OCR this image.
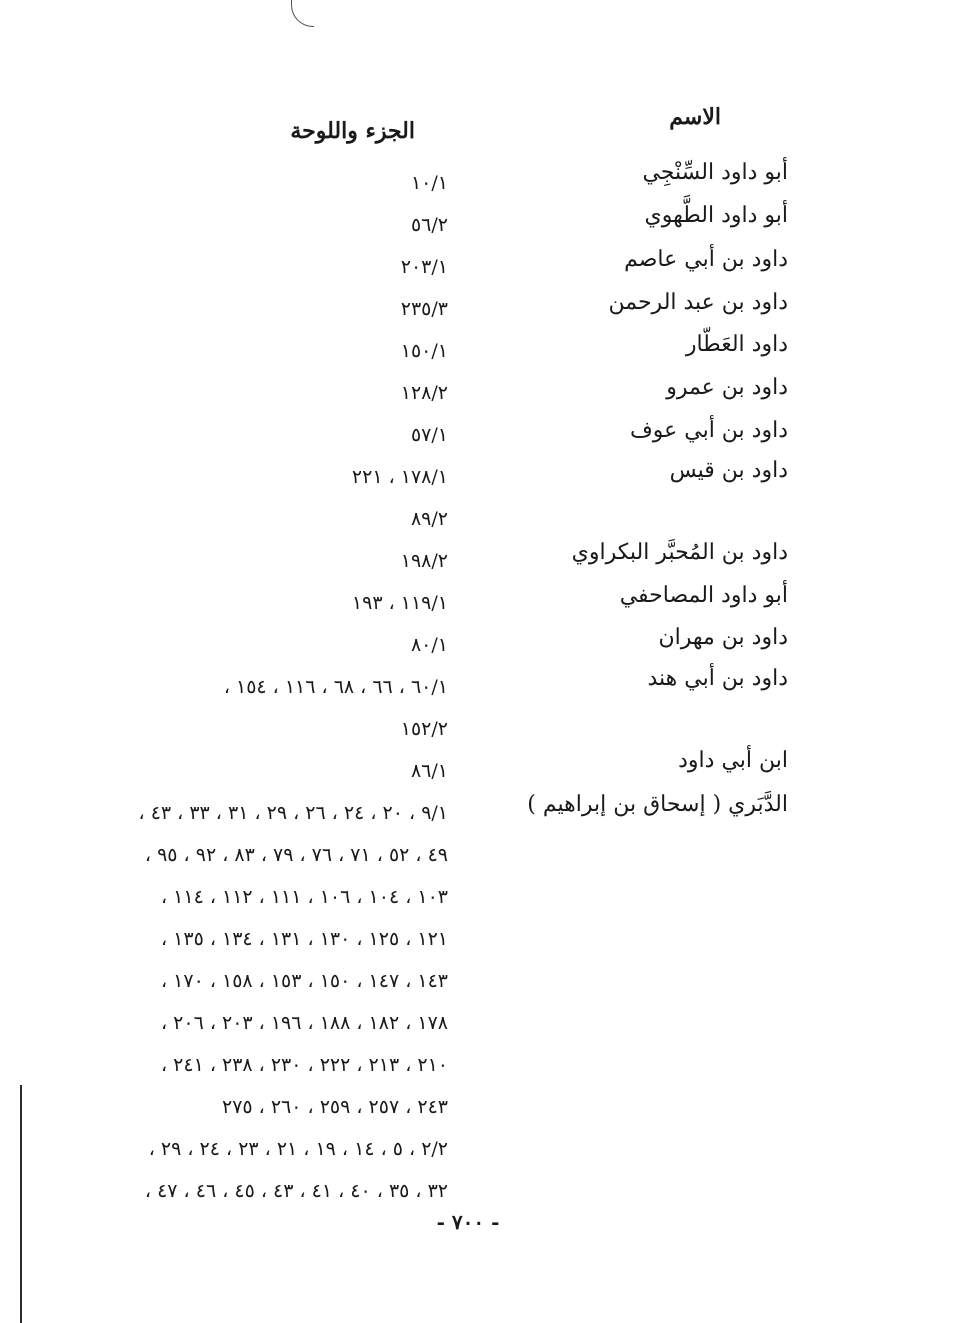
الاسم
الجزء واللوحة
أبو داود السِّنْجِي
أبو داود الطَّهوي
داود بن أبي عاصم
داود بن عبد الرحمن
داود العَطّار
داود بن عمرو
داود بن أبي عوف
داود بن قيس
داود بن المُحبَّر البكراوي
أبو داود المصاحفي
داود بن مهران
داود بن أبي هند
ابن أبي داود
الدَّبَري ( إسحاق بن إبراهيم )
١٠/١
٥٦/٢
٢٠٣/١
٢٣٥/٣
١٥٠/١
١٢٨/٢
٥٧/١
١٧٨/١ ، ٢٢١
٨٩/٢
١٩٨/٢
١١٩/١ ، ١٩٣
٨٠/١
٦٠/١ ، ٦٦ ، ٦٨ ، ١١٦ ، ١٥٤ ،
١٥٢/٢
٨٦/١
٩/١ ، ٢٠ ، ٢٤ ، ٢٦ ، ٢٩ ، ٣١ ، ٣٣ ، ٤٣ ،
٤٩ ، ٥٢ ، ٧١ ، ٧٦ ، ٧٩ ، ٨٣ ، ٩٢ ، ٩٥ ،
١٠٣ ، ١٠٤ ، ١٠٦ ، ١١١ ، ١١٢ ، ١١٤ ،
١٢١ ، ١٢٥ ، ١٣٠ ، ١٣١ ، ١٣٤ ، ١٣٥ ،
١٤٣ ، ١٤٧ ، ١٥٠ ، ١٥٣ ، ١٥٨ ، ١٧٠ ،
١٧٨ ، ١٨٢ ، ١٨٨ ، ١٩٦ ، ٢٠٣ ، ٢٠٦ ،
٢١٠ ، ٢١٣ ، ٢٢٢ ، ٢٣٠ ، ٢٣٨ ، ٢٤١ ،
٢٤٣ ، ٢٥٧ ، ٢٥٩ ، ٢٦٠ ، ٢٧٥
٢/٢ ، ٥ ، ١٤ ، ١٩ ، ٢١ ، ٢٣ ، ٢٤ ، ٢٩ ،
٣٢ ، ٣٥ ، ٤٠ ، ٤١ ، ٤٣ ، ٤٥ ، ٤٦ ، ٤٧ ،
- ٧٠٠ -
